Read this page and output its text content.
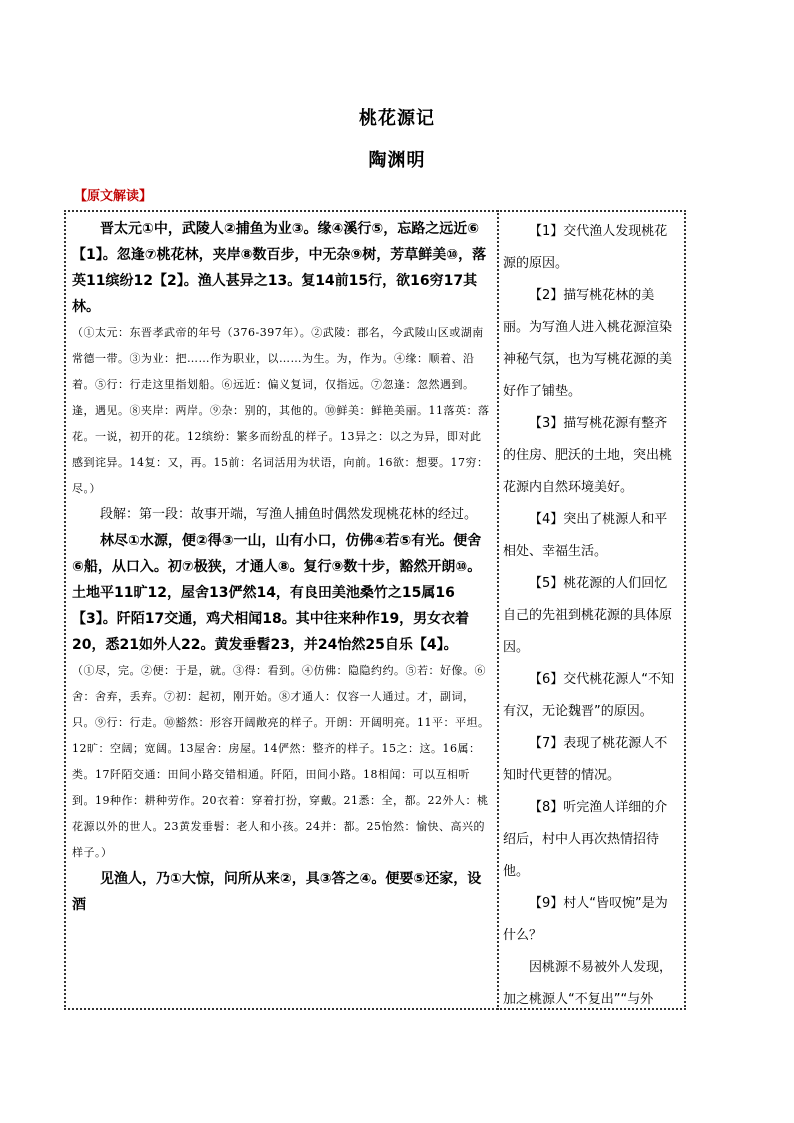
桃花源记
陶渊明
【原文解读】

晋太元①中，武陵人②捕鱼为业③。缘④溪行⑤，忘路之远近⑥【1】。忽逢⑦桃花林，夹岸⑧数百步，中无杂⑨树，芳草鲜美⑩，落英11缤纷12【2】。渔人甚异之13。复14前15行，欲16穷17其林。

（①太元：东晋孝武帝的年号（376-397年）。②武陵：郡名，今武陵山区或湖南常德一带。③为业：把……作为职业，以……为生。为，作为。④缘：顺着、沿着。⑤行：行走这里指划船。⑥远近：偏义复词，仅指远。⑦忽逢：忽然遇到。逢，遇见。⑧夹岸：两岸。⑨杂：别的，其他的。⑩鲜美：鲜艳美丽。11落英：落花。一说，初开的花。12缤纷：繁多而纷乱的样子。13异之：以之为异，即对此感到诧异。14复：又，再。15前：名词活用为状语，向前。16欲：想要。17穷：尽。）

段解：第一段：故事开端，写渔人捕鱼时偶然发现桃花林的经过。

林尽①水源，便②得③一山，山有小口，仿佛④若⑤有光。便舍⑥船，从口入。初⑦极狭，才通人⑧。复行⑨数十步，豁然开朗⑩。土地平11旷12，屋舍13俨然14，有良田美池桑竹之15属16【3】。阡陌17交通，鸡犬相闻18。其中往来种作19，男女衣着20，悉21如外人22。黄发垂髫23，并24怡然25自乐【4】。

（①尽，完。②便：于是，就。③得：看到。④仿佛：隐隐约约。⑤若：好像。⑥舍：舍弃，丢弃。⑦初：起初，刚开始。⑧才通人：仅容一人通过。才，副词，只。⑨行：行走。⑩豁然：形容开阔敞亮的样子。开朗：开阔明亮。11平：平坦。12旷：空阔；宽阔。13屋舍：房屋。14俨然：整齐的样子。15之：这。16属：类。17阡陌交通：田间小路交错相通。阡陌，田间小路。18相闻：可以互相听到。19种作：耕种劳作。20衣着：穿着打扮，穿戴。21悉：全，都。22外人：桃花源以外的世人。23黄发垂髫：老人和小孩。24并：都。25怡然：愉快、高兴的样子。）

见渔人，乃①大惊，问所从来②，具③答之④。便要⑤还家，设酒

【1】交代渔人发现桃花源的原因。

【2】描写桃花林的美丽。为写渔人进入桃花源渲染神秘气氛，也为写桃花源的美好作了铺垫。

【3】描写桃花源有整齐的住房、肥沃的土地，突出桃花源内自然环境美好。

【4】突出了桃源人和平相处、幸福生活。

【5】桃花源的人们回忆自己的先祖到桃花源的具体原因。

【6】交代桃花源人“不知有汉，无论魏晋”的原因。

【7】表现了桃花源人不知时代更替的情况。

【8】听完渔人详细的介绍后，村中人再次热情招待他。

【9】村人“皆叹惋”是为什么？

因桃源不易被外人发现，加之桃源人“不复出”“与外
